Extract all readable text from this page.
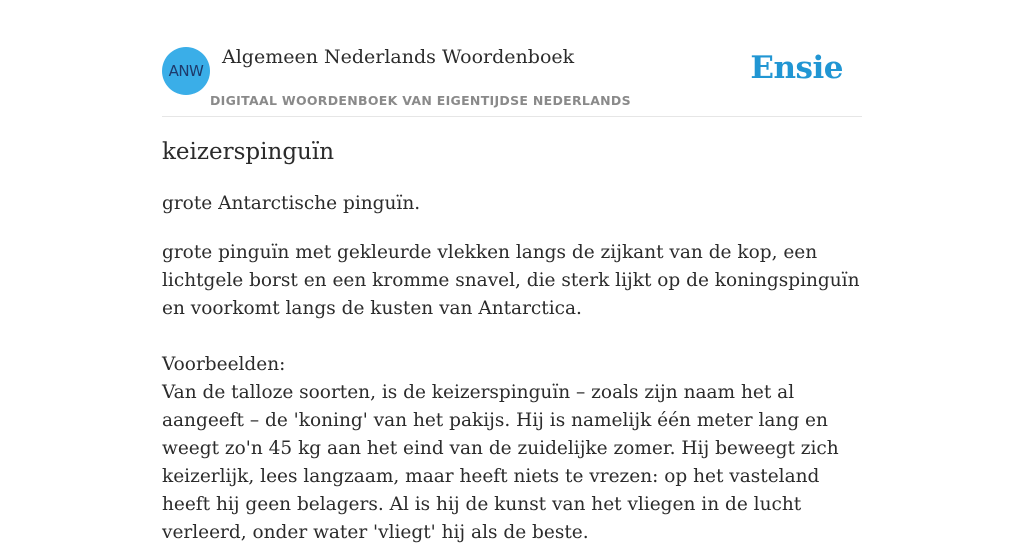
ANW
Algemeen Nederlands Woordenboek
DIGITAAL WOORDENBOEK VAN EIGENTIJDSE NEDERLANDS
Ensie
keizerspinguïn
grote Antarctische pinguïn.

grote pinguïn met gekleurde vlekken langs de zijkant van de kop, een lichtgele borst en een kromme snavel, die sterk lijkt op de koningspinguïn en voorkomt langs de kusten van Antarctica.

Voorbeelden:

Van de talloze soorten, is de keizerspinguïn – zoals zijn naam het al aangeeft – de 'koning' van het pakijs. Hij is namelijk één meter lang en weegt zo'n 45 kg aan het eind van de zuidelijke zomer. Hij beweegt zich keizerlijk, lees langzaam, maar heeft niets te vrezen: op het vasteland heeft hij geen belagers. Al is hij de kunst van het vliegen in de lucht verleerd, onder water 'vliegt' hij als de beste.
